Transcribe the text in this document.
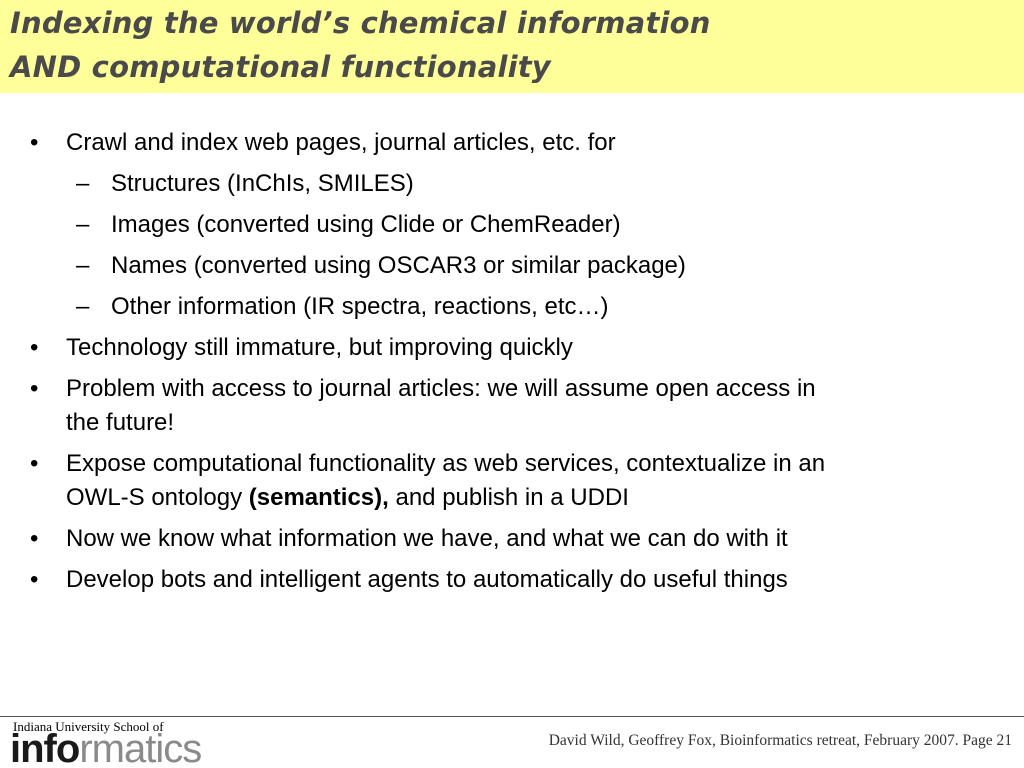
Indexing the world’s chemical information
AND computational functionality
• Crawl and index web pages, journal articles, etc. for
– Structures (InChIs, SMILES)
– Images (converted using Clide or ChemReader)
– Names (converted using OSCAR3 or similar package)
– Other information (IR spectra, reactions, etc…)
• Technology still immature, but improving quickly
• Problem with access to journal articles: we will assume open access in
the future!
• Expose computational functionality as web services, contextualize in an
OWL-S ontology (semantics), and publish in a UDDI
• Now we know what information we have, and what we can do with it
• Develop bots and intelligent agents to automatically do useful things
Indiana University School of
informatics	David Wild, Geoffrey Fox, Bioinformatics retreat, February 2007. Page 21
